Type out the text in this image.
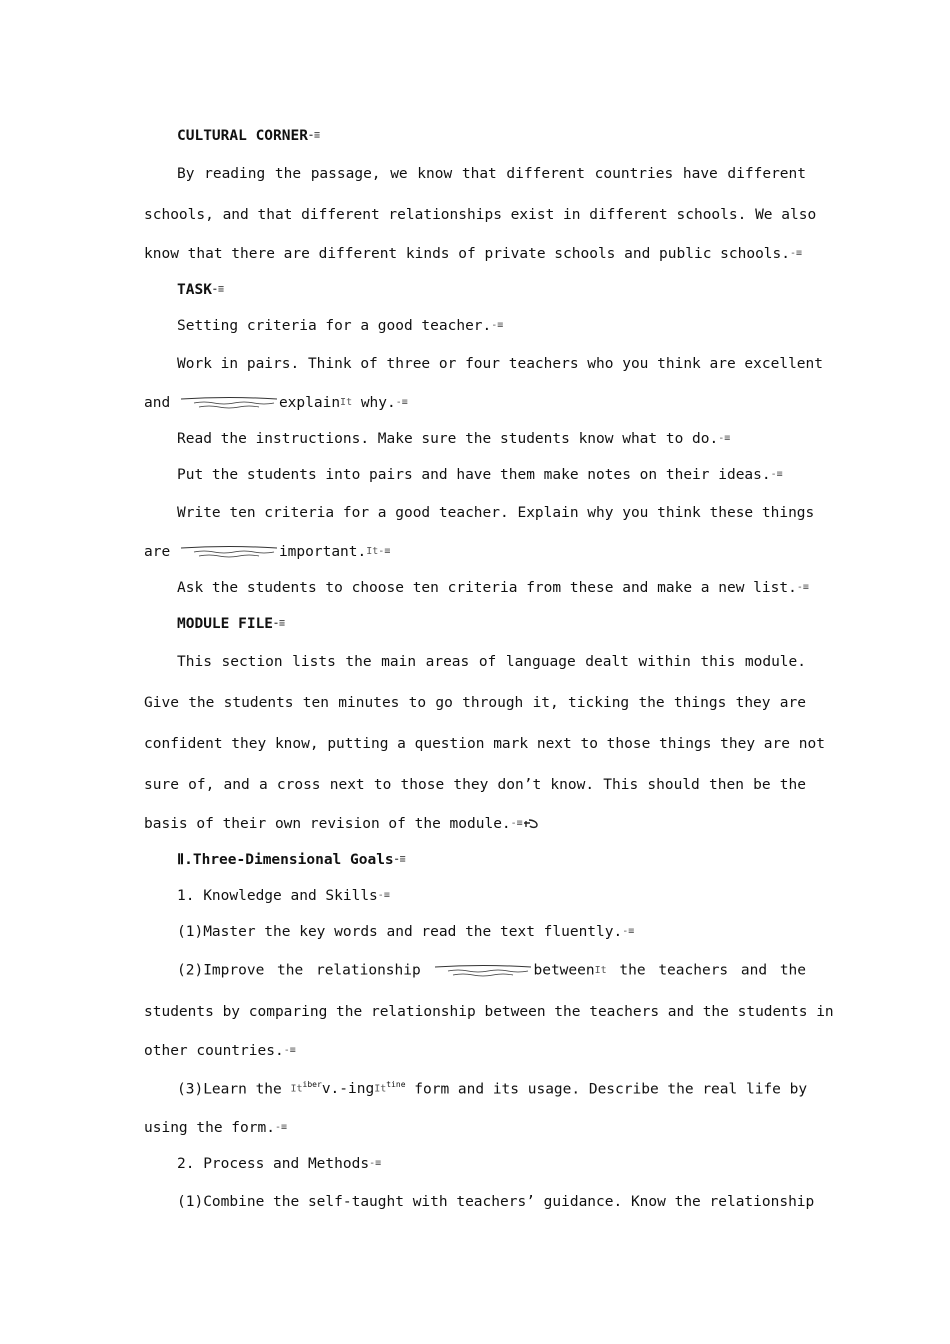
CULTURAL CORNER-≡
By reading the passage, we know that different countries have different
schools, and that different relationships exist in different schools. We also
know that there are different kinds of private schools and public schools.-≡
TASK-≡
Setting criteria for a good teacher.-≡
Work in pairs. Think of three or four teachers who you think are excellent
and	explainIt why.-≡
Read the instructions. Make sure the students know what to do.-≡
Put the students into pairs and have them make notes on their ideas.-≡
Write ten criteria for a good teacher. Explain why you think these things
are	important.It-≡
Ask the students to choose ten criteria from these and make a new list.-≡
MODULE FILE-≡
This section lists the main areas of language dealt within this module.
Give the students ten minutes to go through it, ticking the things they are
confident they know, putting a question mark next to those things they are not
sure of, and a cross next to those they don’t know. This should then be the
basis of their own revision of the module.-≡
Ⅱ.Three-Dimensional Goals-≡
1. Knowledge and Skills-≡
(1)Master the key words and read the text fluently.-≡
(2)Improve the relationship	betweenIt the teachers and the
students by comparing the relationship between the teachers and the students in
other countries.-≡
(3)Learn the $It^{iber}v.-ingIt^{tine}$ form and its usage. Describe the real life by
using the form.-≡
2. Process and Methods-≡
(1)Combine the self-taught with teachers’ guidance. Know the relationship
